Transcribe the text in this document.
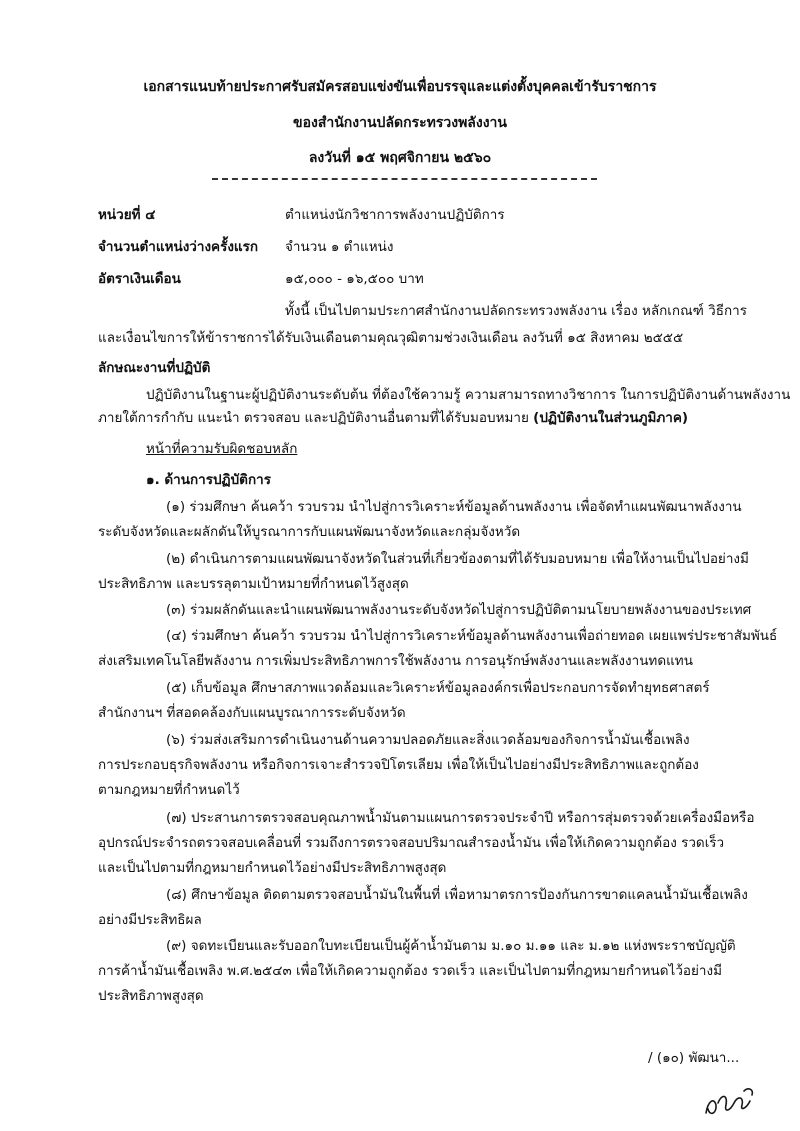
เอกสารแนบท้ายประกาศรับสมัครสอบแข่งขันเพื่อบรรจุและแต่งตั้งบุคคลเข้ารับราชการ
ของสำนักงานปลัดกระทรวงพลังงาน
ลงวันที่ ๑๕ พฤศจิกายน ๒๕๖๐
หน่วยที่ ๔	ตำแหน่งนักวิชาการพลังงานปฏิบัติการ
จำนวนตำแหน่งว่างครั้งแรก จำนวน ๑ ตำแหน่ง
อัตราเงินเดือน	๑๕,๐๐๐ - ๑๖,๕๐๐ บาท
ทั้งนี้ เป็นไปตามประกาศสำนักงานปลัดกระทรวงพลังงาน เรื่อง หลักเกณฑ์ วิธีการ
และเงื่อนไขการให้ข้าราชการได้รับเงินเดือนตามคุณวุฒิตามช่วงเงินเดือน ลงวันที่ ๑๕ สิงหาคม ๒๕๕๕
ลักษณะงานที่ปฏิบัติ
ปฏิบัติงานในฐานะผู้ปฏิบัติงานระดับต้น ที่ต้องใช้ความรู้ ความสามารถทางวิชาการ ในการปฏิบัติงานด้านพลังงาน
ภายใต้การกำกับ แนะนำ ตรวจสอบ และปฏิบัติงานอื่นตามที่ได้รับมอบหมาย (ปฏิบัติงานในส่วนภูมิภาค)
หน้าที่ความรับผิดชอบหลัก
๑. ด้านการปฏิบัติการ
(๑) ร่วมศึกษา ค้นคว้า รวบรวม นำไปสู่การวิเคราะห์ข้อมูลด้านพลังงาน เพื่อจัดทำแผนพัฒนาพลังงาน
ระดับจังหวัดและผลักดันให้บูรณาการกับแผนพัฒนาจังหวัดและกลุ่มจังหวัด
(๒) ดำเนินการตามแผนพัฒนาจังหวัดในส่วนที่เกี่ยวข้องตามที่ได้รับมอบหมาย เพื่อให้งานเป็นไปอย่างมี
ประสิทธิภาพ และบรรลุตามเป้าหมายที่กำหนดไว้สูงสุด
(๓) ร่วมผลักดันและนำแผนพัฒนาพลังงานระดับจังหวัดไปสู่การปฏิบัติตามนโยบายพลังงานของประเทศ
(๔) ร่วมศึกษา ค้นคว้า รวบรวม นำไปสู่การวิเคราะห์ข้อมูลด้านพลังงานเพื่อถ่ายทอด เผยแพร่ประชาสัมพันธ์
ส่งเสริมเทคโนโลยีพลังงาน การเพิ่มประสิทธิภาพการใช้พลังงาน การอนุรักษ์พลังงานและพลังงานทดแทน
(๕) เก็บข้อมูล ศึกษาสภาพแวดล้อมและวิเคราะห์ข้อมูลองค์กรเพื่อประกอบการจัดทำยุทธศาสตร์
สำนักงานฯ ที่สอดคล้องกับแผนบูรณาการระดับจังหวัด
(๖) ร่วมส่งเสริมการดำเนินงานด้านความปลอดภัยและสิ่งแวดล้อมของกิจการน้ำมันเชื้อเพลิง
การประกอบธุรกิจพลังงาน หรือกิจการเจาะสำรวจปิโตรเลียม เพื่อให้เป็นไปอย่างมีประสิทธิภาพและถูกต้อง
ตามกฎหมายที่กำหนดไว้
(๗) ประสานการตรวจสอบคุณภาพน้ำมันตามแผนการตรวจประจำปี หรือการสุ่มตรวจด้วยเครื่องมือหรือ
อุปกรณ์ประจำรถตรวจสอบเคลื่อนที่ รวมถึงการตรวจสอบปริมาณสำรองน้ำมัน เพื่อให้เกิดความถูกต้อง รวดเร็ว
และเป็นไปตามที่กฎหมายกำหนดไว้อย่างมีประสิทธิภาพสูงสุด
(๘) ศึกษาข้อมูล ติดตามตรวจสอบน้ำมันในพื้นที่ เพื่อหามาตรการป้องกันการขาดแคลนน้ำมันเชื้อเพลิง
อย่างมีประสิทธิผล
(๙) จดทะเบียนและรับออกใบทะเบียนเป็นผู้ค้าน้ำมันตาม ม.๑๐ ม.๑๑ และ ม.๑๒ แห่งพระราชบัญญัติ
การค้าน้ำมันเชื้อเพลิง พ.ศ.๒๕๔๓ เพื่อให้เกิดความถูกต้อง รวดเร็ว และเป็นไปตามที่กฎหมายกำหนดไว้อย่างมี
ประสิทธิภาพสูงสุด
/ (๑๐) พัฒนา...
